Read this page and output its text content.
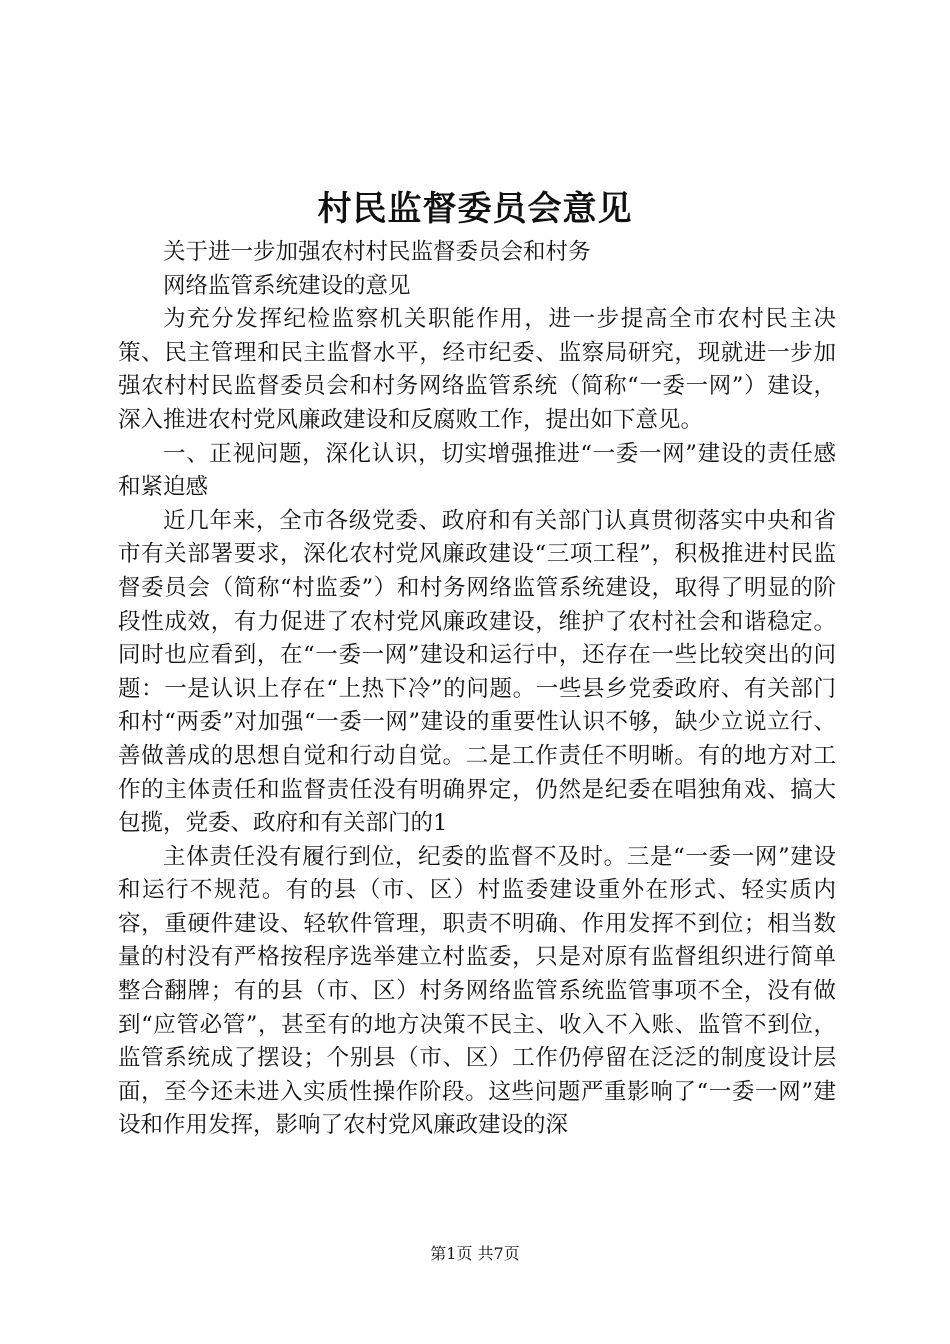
村民监督委员会意见

关于进一步加强农村村民监督委员会和村务

网络监管系统建设的意见

为充分发挥纪检监察机关职能作用，进一步提高全市农村民主决策、民主管理和民主监督水平，经市纪委、监察局研究，现就进一步加强农村村民监督委员会和村务网络监管系统（简称“一委一网”）建设，深入推进农村党风廉政建设和反腐败工作，提出如下意见。

一、正视问题，深化认识，切实增强推进“一委一网”建设的责任感和紧迫感

近几年来，全市各级党委、政府和有关部门认真贯彻落实中央和省市有关部署要求，深化农村党风廉政建设“三项工程”，积极推进村民监督委员会（简称“村监委”）和村务网络监管系统建设，取得了明显的阶段性成效，有力促进了农村党风廉政建设，维护了农村社会和谐稳定。同时也应看到，在“一委一网”建设和运行中，还存在一些比较突出的问题：一是认识上存在“上热下冷”的问题。一些县乡党委政府、有关部门和村“两委”对加强“一委一网”建设的重要性认识不够，缺少立说立行、善做善成的思想自觉和行动自觉。二是工作责任不明晰。有的地方对工作的主体责任和监督责任没有明确界定，仍然是纪委在唱独角戏、搞大包揽，党委、政府和有关部门的1

主体责任没有履行到位，纪委的监督不及时。三是“一委一网”建设和运行不规范。有的县（市、区）村监委建设重外在形式、轻实质内容，重硬件建设、轻软件管理，职责不明确、作用发挥不到位；相当数量的村没有严格按程序选举建立村监委，只是对原有监督组织进行简单整合翻牌；有的县（市、区）村务网络监管系统监管事项不全，没有做到“应管必管”，甚至有的地方决策不民主、收入不入账、监管不到位，监管系统成了摆设；个别县（市、区）工作仍停留在泛泛的制度设计层面，至今还未进入实质性操作阶段。这些问题严重影响了“一委一网”建设和作用发挥，影响了农村党风廉政建设的深

第1页 共7页
